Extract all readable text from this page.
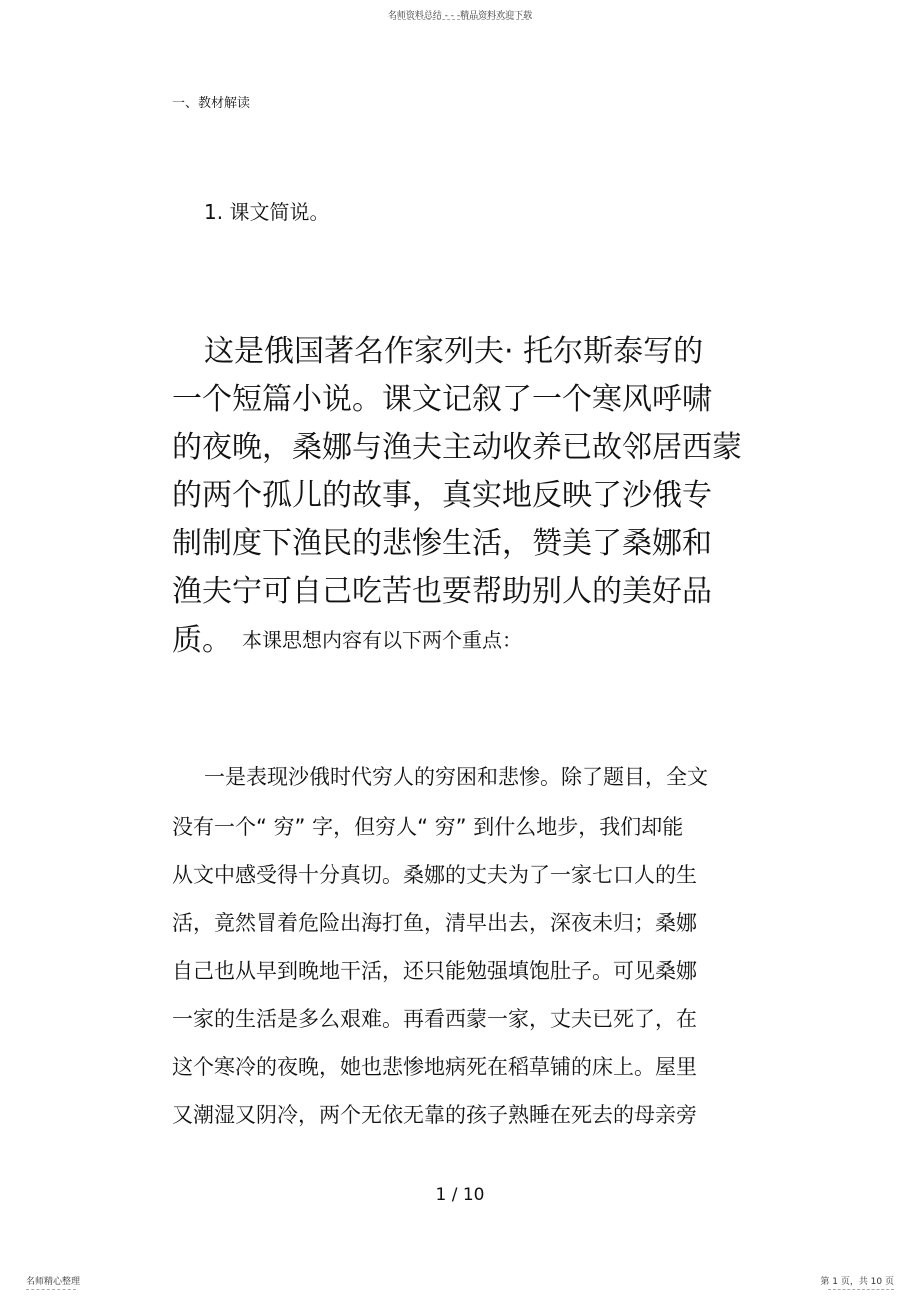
名师资料总结 - - -精品资料欢迎下载
一、教材解读
1. 课文简说。
这是俄国著名作家列夫· 托尔斯泰写的
一个短篇小说。课文记叙了一个寒风呼啸
的夜晚，桑娜与渔夫主动收养已故邻居西蒙
的两个孤儿的故事，真实地反映了沙俄专
制制度下渔民的悲惨生活，赞美了桑娜和
渔夫宁可自己吃苦也要帮助别人的美好品
质。 本课思想内容有以下两个重点：
一是表现沙俄时代穷人的穷困和悲惨。除了题目，全文
没有一个“ 穷” 字，但穷人“ 穷” 到什么地步，我们却能
从文中感受得十分真切。桑娜的丈夫为了一家七口人的生
活，竟然冒着危险出海打鱼，清早出去，深夜未归；桑娜
自己也从早到晚地干活，还只能勉强填饱肚子。可见桑娜
一家的生活是多么艰难。再看西蒙一家，丈夫已死了，在
这个寒冷的夜晚，她也悲惨地病死在稻草铺的床上。屋里
又潮湿又阴冷，两个无依无靠的孩子熟睡在死去的母亲旁
1 / 10
名师精心整理	第 1 页，共 10 页
